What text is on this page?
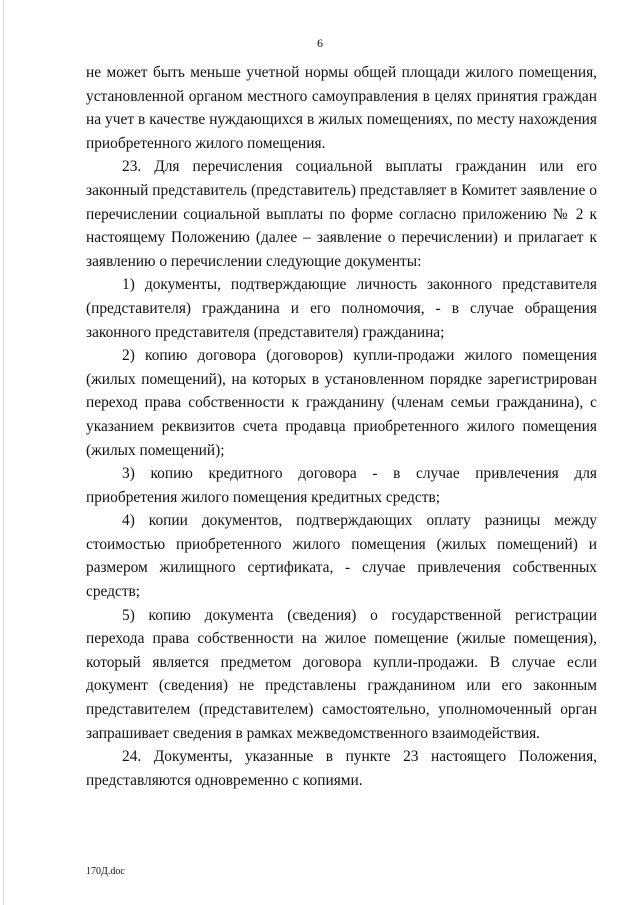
6

не может быть меньше учетной нормы общей площади жилого помещения, установленной органом местного самоуправления в целях принятия граждан на учет в качестве нуждающихся в жилых помещениях, по месту нахождения приобретенного жилого помещения.

23. Для перечисления социальной выплаты гражданин или его законный представитель (представитель) представляет в Комитет заявление о перечислении социальной выплаты по форме согласно приложению № 2 к настоящему Положению (далее – заявление о перечислении) и прилагает к заявлению о перечислении следующие документы:

1) документы, подтверждающие личность законного представителя (представителя) гражданина и его полномочия, - в случае обращения законного представителя (представителя) гражданина;

2) копию договора (договоров) купли-продажи жилого помещения (жилых помещений), на которых в установленном порядке зарегистрирован переход права собственности к гражданину (членам семьи гражданина), с указанием реквизитов счета продавца приобретенного жилого помещения (жилых помещений);

3) копию кредитного договора - в случае привлечения для приобретения жилого помещения кредитных средств;

4) копии документов, подтверждающих оплату разницы между стоимостью приобретенного жилого помещения (жилых помещений) и размером жилищного сертификата, - случае привлечения собственных средств;

5) копию документа (сведения) о государственной регистрации перехода права собственности на жилое помещение (жилые помещения), который является предметом договора купли-продажи. В случае если документ (сведения) не представлены гражданином или его законным представителем (представителем) самостоятельно, уполномоченный орган запрашивает сведения в рамках межведомственного взаимодействия.

24. Документы, указанные в пункте 23 настоящего Положения, представляются одновременно с копиями.

170Д.doc
